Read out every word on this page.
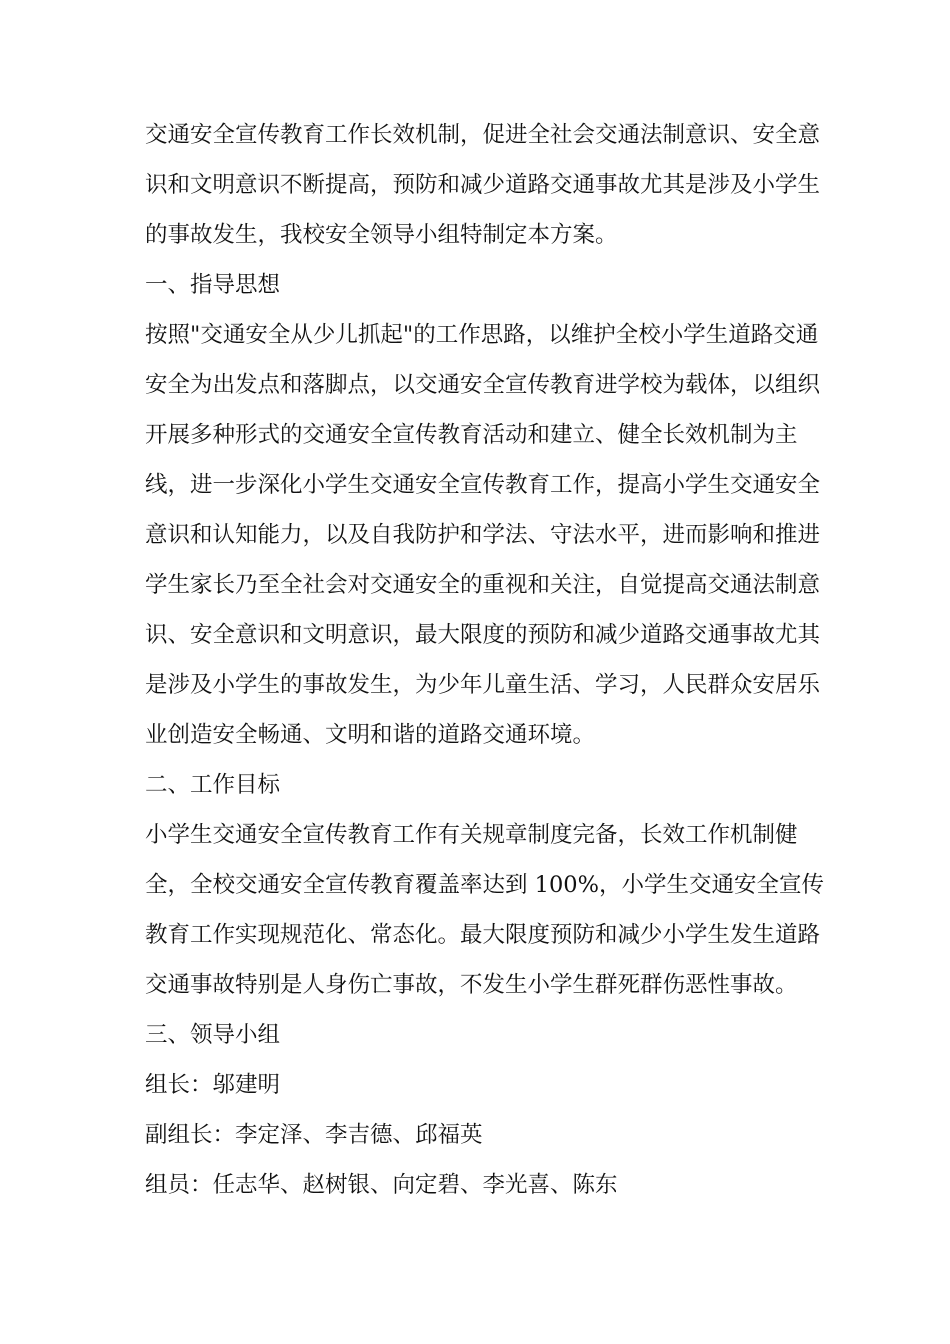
交通安全宣传教育工作长效机制，促进全社会交通法制意识、安全意

识和文明意识不断提高，预防和减少道路交通事故尤其是涉及小学生

的事故发生，我校安全领导小组特制定本方案。

一、指导思想

按照"交通安全从少儿抓起"的工作思路，以维护全校小学生道路交通

安全为出发点和落脚点，以交通安全宣传教育进学校为载体，以组织

开展多种形式的交通安全宣传教育活动和建立、健全长效机制为主

线，进一步深化小学生交通安全宣传教育工作，提高小学生交通安全

意识和认知能力，以及自我防护和学法、守法水平，进而影响和推进

学生家长乃至全社会对交通安全的重视和关注，自觉提高交通法制意

识、安全意识和文明意识，最大限度的预防和减少道路交通事故尤其

是涉及小学生的事故发生，为少年儿童生活、学习，人民群众安居乐

业创造安全畅通、文明和谐的道路交通环境。

二、工作目标

小学生交通安全宣传教育工作有关规章制度完备，长效工作机制健

全，全校交通安全宣传教育覆盖率达到 100%，小学生交通安全宣传

教育工作实现规范化、常态化。最大限度预防和减少小学生发生道路

交通事故特别是人身伤亡事故，不发生小学生群死群伤恶性事故。

三、领导小组

组长：邬建明

副组长：李定泽、李吉德、邱福英

组员：任志华、赵树银、向定碧、李光喜、陈东
